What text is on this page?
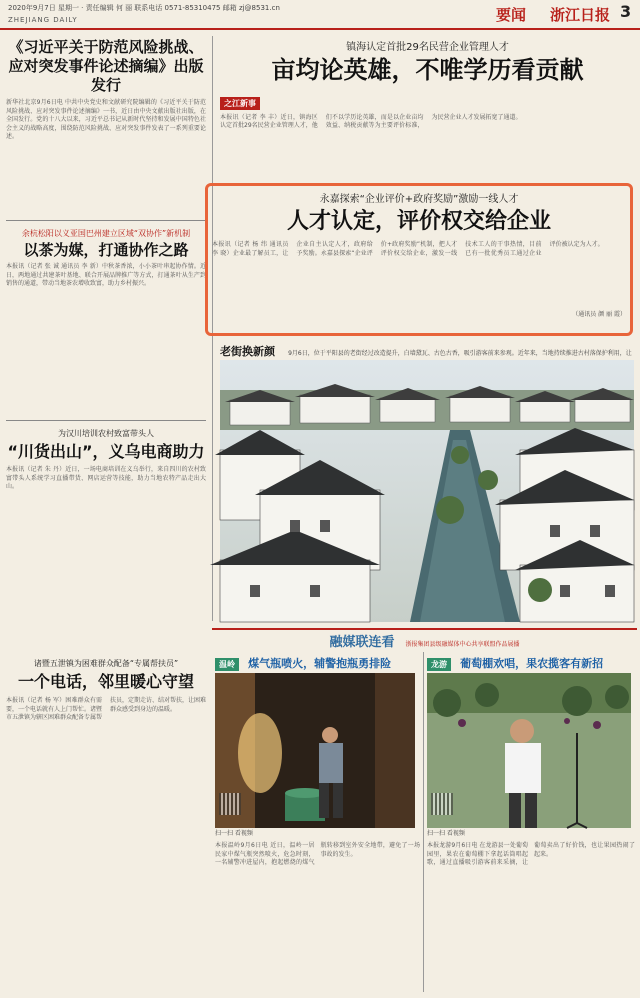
2020年9月7日 星期一 · 责任编辑 何 丽 联系电话 0571-85310475 邮箱 zj@8531.cn
ZHEJIANG DAILY	要闻 浙江日报 3
《习近平关于防范风险挑战、应对突发事件论述摘编》出版发行
新华社北京9月6日电 中共中央党史和文献研究院编辑的《习近平关于防范风险挑战、应对突发事件论述摘编》一书，近日由中央文献出版社出版，在全国发行。党的十八大以来，习近平总书记从新时代坚持和发展中国特色社会主义的战略高度，围绕防范风险挑战、应对突发事件发表了一系列重要论述。
余杭松阳以义亚国巴州建立区域“双协作”新机制
以茶为媒，打通协作之路
本报讯（记者 张 诚 通讯员 李 新）中秋茶香浓，小小茶叶串起协作情。近日，两地通过共建茶叶基地、联合开展品牌推广等方式，打通茶叶从生产到销售的通道，带动当地茶农增收致富，助力乡村振兴。
为汉川培训农村致富带头人
“川货出山”，义乌电商助力
本报讯（记者 朱 丹）近日，一场电商培训在义乌举行，来自四川的农村致富带头人系统学习直播带货、网店运营等技能，助力当地农特产品走出大山。
镇海认定首批29名民营企业管理人才
亩均论英雄，不唯学历看贡献
之江新事
本报讯（记者 李 丰）近日，镇海区认定首批29名民营企业管理人才，他们不以学历论英雄，而是以企业亩均效益、纳税贡献等为主要评价标准，为民营企业人才发展拓宽了通道。
永嘉探索“企业评价+政府奖励”激励一线人才
人才认定，评价权交给企业
本报讯（记者 杨 纬 通讯员 李 晓）企业最了解员工，让企业自主认定人才，政府给予奖励。永嘉县探索“企业评价+政府奖励”机制，把人才评价权交给企业，激发一线技术工人的干事热情，目前已有一批优秀员工通过企业评价被认定为人才。
（通讯员 颜 丽 霞）
老街换新颜 9月6日，位于平阳县的老街经过改造提升，白墙黛瓦、古色古香，吸引游客前来参观。近年来，当地持续推进古村落保护利用，让
诸暨五泄镇为困难群众配备“专属帮扶员”
一个电话，邻里暖心守望
本报讯（记者 杨 军）困难群众有需要，一个电话就有人上门帮忙。诸暨市五泄镇为辖区困难群众配备专属帮扶员，定期走访、结对帮扶，让困难群众感受到身边的温暖。
融媒联连看 浙报集团县级融媒体中心共享联盟作品展播
温岭 煤气瓶喷火，辅警抱瓶勇排险
扫一扫 看视频
本报温岭9月6日电 近日，温岭一居民家中煤气瓶突然喷火，危急时刻，一名辅警冲进屋内，抱起燃烧的煤气瓶转移到室外安全地带，避免了一场事故的发生。
龙游 葡萄棚欢唱，果农揽客有新招
扫一扫 看视频
本报龙游9月6日电 在龙游县一处葡萄园里，果农在葡萄棚下拿起话筒唱起歌，通过直播吸引游客前来采摘，让葡萄卖出了好价钱，也让果园热闹了起来。
